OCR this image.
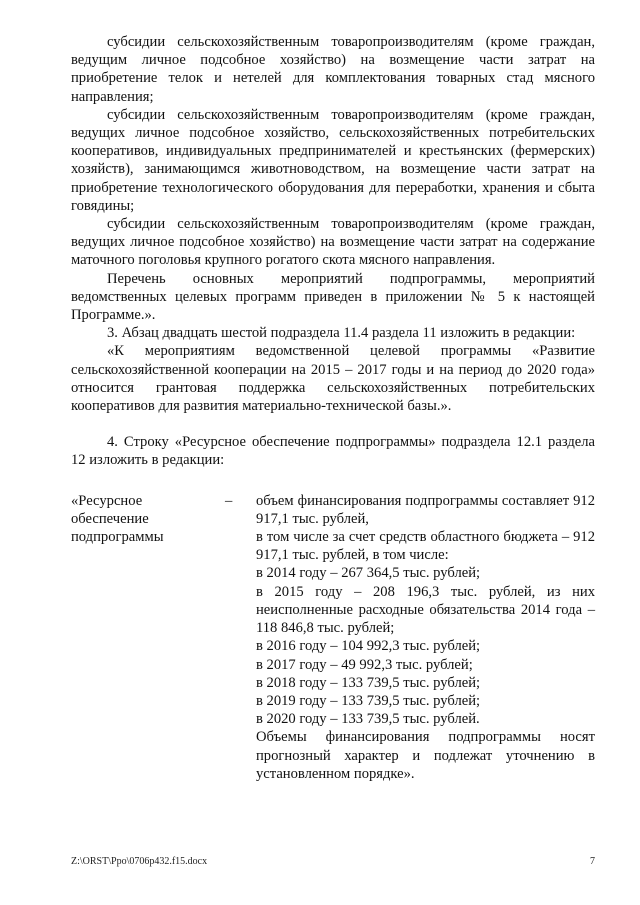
субсидии сельскохозяйственным товаропроизводителям (кроме граждан, ведущим личное подсобное хозяйство) на возмещение части затрат на приобретение телок и нетелей для комплектования товарных стад мясного направления;

субсидии сельскохозяйственным товаропроизводителям (кроме граждан, ведущих личное подсобное хозяйство, сельскохозяйственных потребительских кооперативов, индивидуальных предпринимателей и крестьянских (фермерских) хозяйств), занимающимся животноводством, на возмещение части затрат на приобретение технологического оборудования для переработки, хранения и сбыта говядины;

субсидии сельскохозяйственным товаропроизводителям (кроме граждан, ведущих личное подсобное хозяйство) на возмещение части затрат на содержание маточного поголовья крупного рогатого скота мясного направления.

Перечень основных мероприятий подпрограммы, мероприятий ведомственных целевых программ приведен в приложении № 5 к настоящей Программе.».

3. Абзац двадцать шестой подраздела 11.4 раздела 11 изложить в редакции:

«К мероприятиям ведомственной целевой программы «Развитие сельскохозяйственной кооперации на 2015 – 2017 годы и на период до 2020 года» относится грантовая поддержка сельскохозяйственных потребительских кооперативов для развития материально-технической базы.».

4. Строку «Ресурсное обеспечение подпрограммы» подраздела 12.1 раздела 12 изложить в редакции:

«Ресурсное обеспечение подпрограммы
– объем финансирования подпрограммы составляет 912 917,1 тыс. рублей,
в том числе за счет средств областного бюджета – 912 917,1 тыс. рублей, в том числе:
в 2014 году – 267 364,5 тыс. рублей;
в 2015 году – 208 196,3 тыс. рублей, из них неисполненные расходные обязательства 2014 года – 118 846,8 тыс. рублей;
в 2016 году – 104 992,3 тыс. рублей;
в 2017 году – 49 992,3 тыс. рублей;
в 2018 году – 133 739,5 тыс. рублей;
в 2019 году – 133 739,5 тыс. рублей;
в 2020 году – 133 739,5 тыс. рублей.
Объемы финансирования подпрограммы носят прогнозный характер и подлежат уточнению в установленном порядке».
Z:\ORST\Ppo\0706p432.f15.docx	7
